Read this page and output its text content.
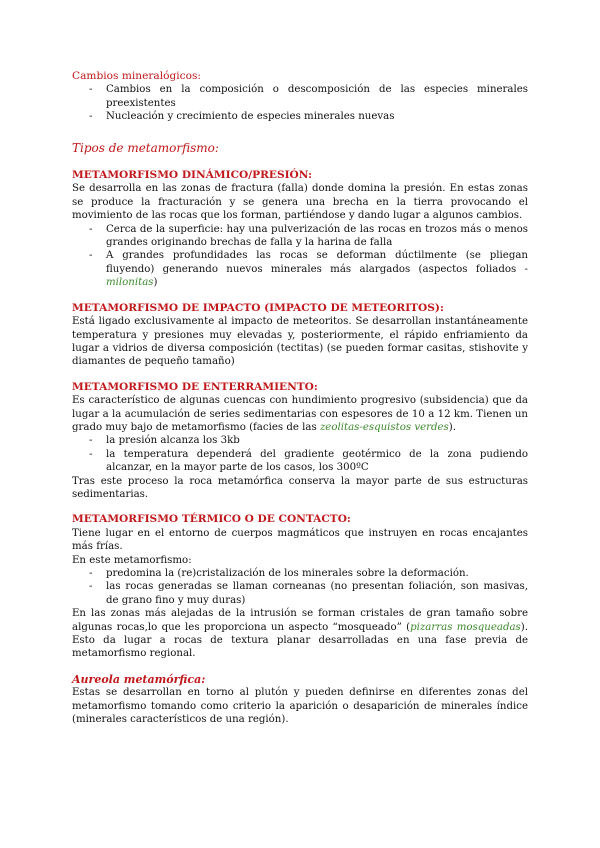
Cambios mineralógicos:
- Cambios en la composición o descomposición de las especies minerales preexistentes
- Nucleación y crecimiento de especies minerales nuevas
Tipos de metamorfismo:
METAMORFISMO DINÁMICO/PRESIÓN:

Se desarrolla en las zonas de fractura (falla) donde domina la presión. En estas zonas se produce la fracturación y se genera una brecha en la tierra provocando el movimiento de las rocas que los forman, partiéndose y dando lugar a algunos cambios.

- Cerca de la superficie: hay una pulverización de las rocas en trozos más o menos grandes originando brechas de falla y la harina de falla
- A grandes profundidades las rocas se deforman dúctilmente (se pliegan fluyendo) generando nuevos minerales más alargados (aspectos foliados - milonitas)
METAMORFISMO DE IMPACTO (IMPACTO DE METEORITOS):

Está ligado exclusivamente al impacto de meteoritos. Se desarrollan instantáneamente temperatura y presiones muy elevadas y, posteriormente, el rápido enfriamiento da lugar a vidrios de diversa composición (tectitas) (se pueden formar casitas, stishovite y diamantes de pequeño tamaño)

METAMORFISMO DE ENTERRAMIENTO:

Es característico de algunas cuencas con hundimiento progresivo (subsidencia) que da lugar a la acumulación de series sedimentarias con espesores de 10 a 12 km. Tienen un grado muy bajo de metamorfismo (facies de las zeolitas-esquistos verdes).

- la presión alcanza los 3kb
- la temperatura dependerá del gradiente geotérmico de la zona pudiendo alcanzar, en la mayor parte de los casos, los 300ºC

Tras este proceso la roca metamórfica conserva la mayor parte de sus estructuras sedimentarias.

METAMORFISMO TÉRMICO O DE CONTACTO:

Tiene lugar en el entorno de cuerpos magmáticos que instruyen en rocas encajantes más frías.

En este metamorfismo:

- predomina la (re)cristalización de los minerales sobre la deformación.
- las rocas generadas se llaman corneanas (no presentan foliación, son masivas, de grano fino y muy duras)

En las zonas más alejadas de la intrusión se forman cristales de gran tamaño sobre algunas rocas,lo que les proporciona un aspecto “mosqueado” (pizarras mosqueadas). Esto da lugar a rocas de textura planar desarrolladas en una fase previa de metamorfismo regional.

Aureola metamórfica:

Estas se desarrollan en torno al plutón y pueden definirse en diferentes zonas del metamorfismo tomando como criterio la aparición o desaparición de minerales índice (minerales característicos de una región).
